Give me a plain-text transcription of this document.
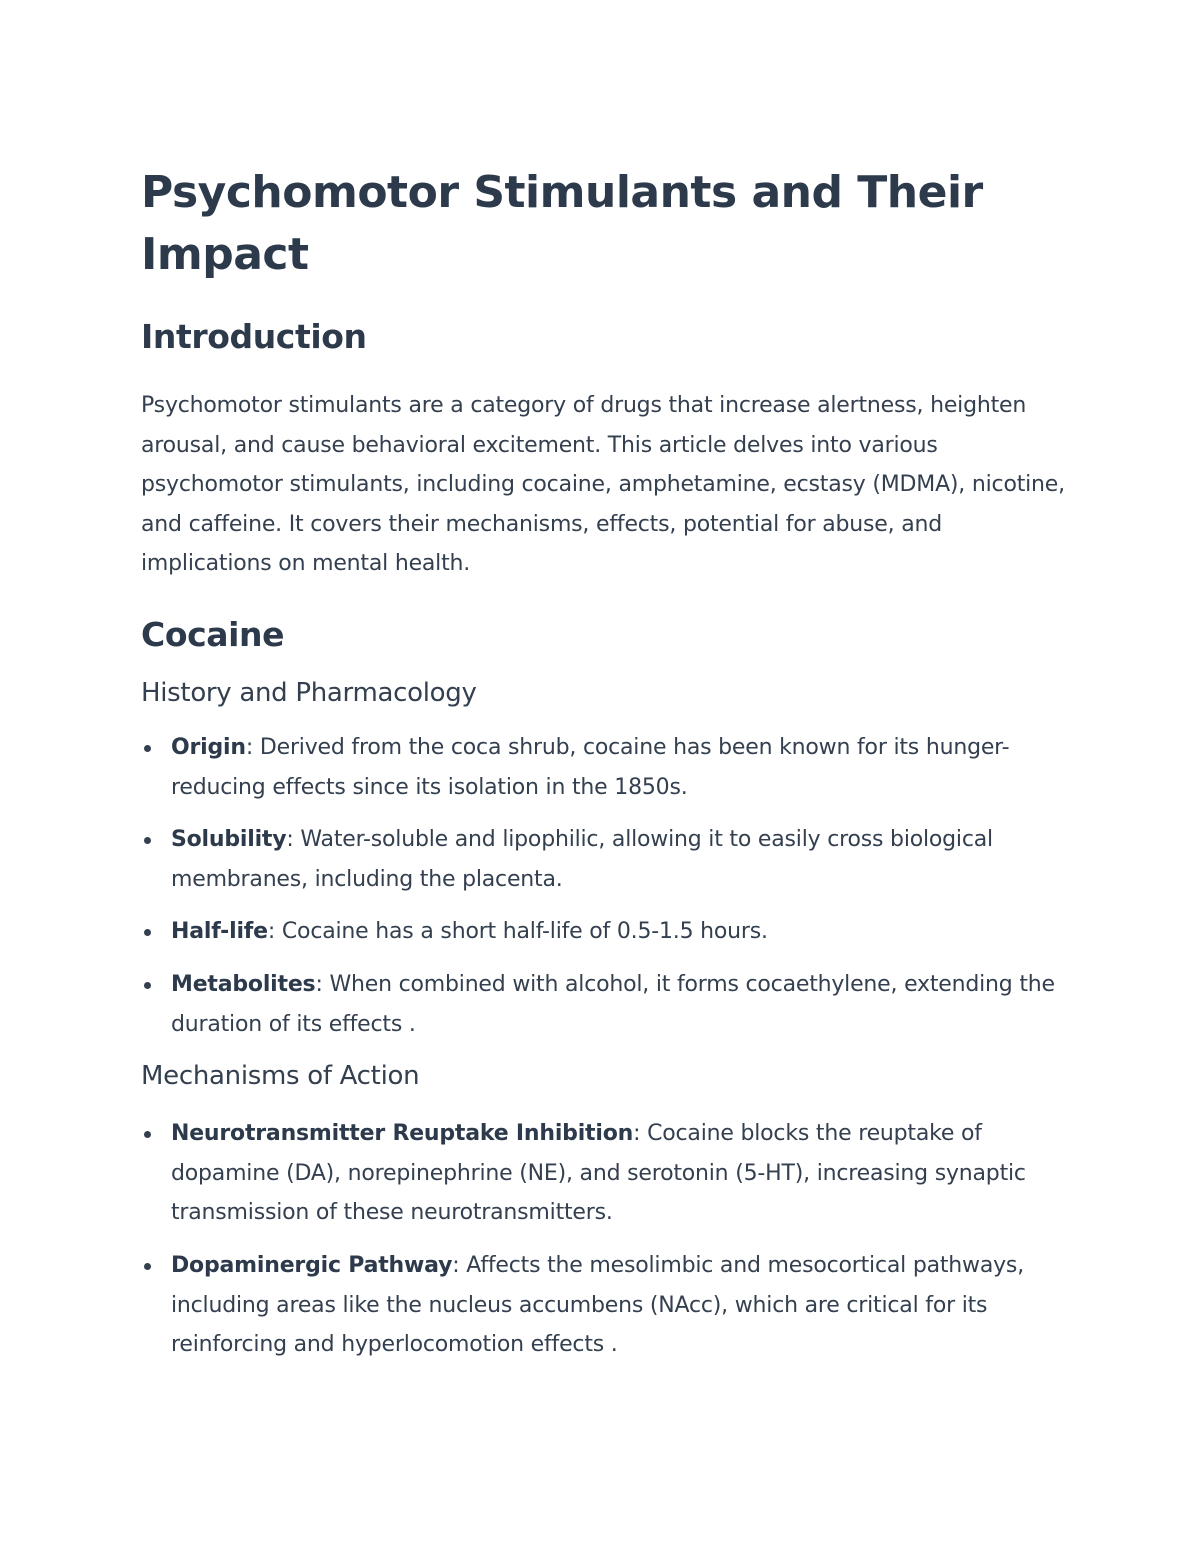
Psychomotor Stimulants and Their Impact
Introduction

Psychomotor stimulants are a category of drugs that increase alertness, heighten arousal, and cause behavioral excitement. This article delves into various psychomotor stimulants, including cocaine, amphetamine, ecstasy (MDMA), nicotine, and caffeine. It covers their mechanisms, effects, potential for abuse, and implications on mental health.

Cocaine
History and Pharmacology
Origin: Derived from the coca shrub, cocaine has been known for its hunger-reducing effects since its isolation in the 1850s.
Solubility: Water-soluble and lipophilic, allowing it to easily cross biological membranes, including the placenta.
Half-life: Cocaine has a short half-life of 0.5-1.5 hours.
Metabolites: When combined with alcohol, it forms cocaethylene, extending the duration of its effects .
Mechanisms of Action
Neurotransmitter Reuptake Inhibition: Cocaine blocks the reuptake of dopamine (DA), norepinephrine (NE), and serotonin (5-HT), increasing synaptic transmission of these neurotransmitters.
Dopaminergic Pathway: Affects the mesolimbic and mesocortical pathways, including areas like the nucleus accumbens (NAcc), which are critical for its reinforcing and hyperlocomotion effects .
